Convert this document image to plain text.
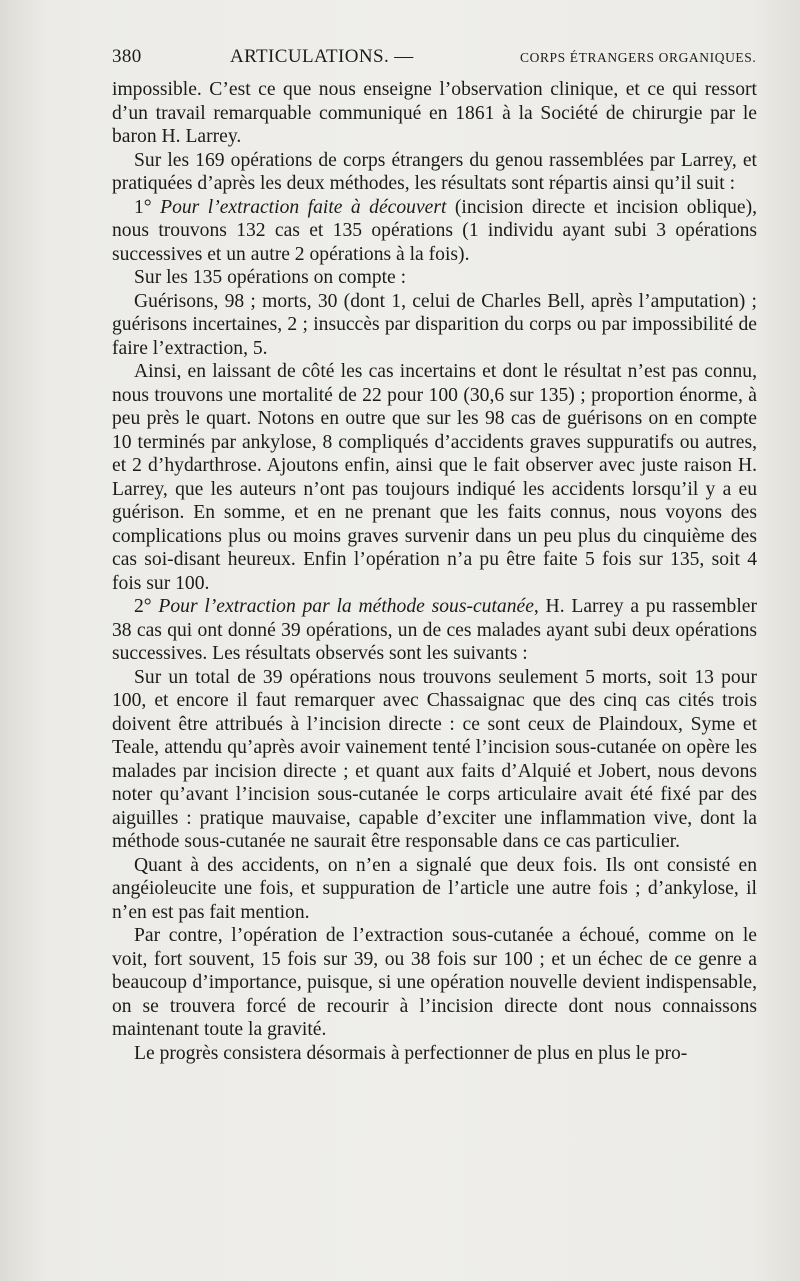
380	ARTICULATIONS. —	CORPS ÉTRANGERS ORGANIQUES.

impossible. C’est ce que nous enseigne l’observation clinique, et ce qui ressort d’un travail remarquable communiqué en 1861 à la Société de chirurgie par le baron H. Larrey.

Sur les 169 opérations de corps étrangers du genou rassemblées par Larrey, et pratiquées d’après les deux méthodes, les résultats sont répartis ainsi qu’il suit :

1° Pour l’extraction faite à découvert (incision directe et incision oblique), nous trouvons 132 cas et 135 opérations (1 individu ayant subi 3 opérations successives et un autre 2 opérations à la fois).

Sur les 135 opérations on compte :

Guérisons, 98 ; morts, 30 (dont 1, celui de Charles Bell, après l’amputation) ; guérisons incertaines, 2 ; insuccès par disparition du corps ou par impossibilité de faire l’extraction, 5.

Ainsi, en laissant de côté les cas incertains et dont le résultat n’est pas connu, nous trouvons une mortalité de 22 pour 100 (30,6 sur 135) ; proportion énorme, à peu près le quart. Notons en outre que sur les 98 cas de guérisons on en compte 10 terminés par ankylose, 8 compliqués d’accidents graves suppuratifs ou autres, et 2 d’hydarthrose. Ajoutons enfin, ainsi que le fait observer avec juste raison H. Larrey, que les auteurs n’ont pas toujours indiqué les accidents lorsqu’il y a eu guérison. En somme, et en ne prenant que les faits connus, nous voyons des complications plus ou moins graves survenir dans un peu plus du cinquième des cas soi-disant heureux. Enfin l’opération n’a pu être faite 5 fois sur 135, soit 4 fois sur 100.

2° Pour l’extraction par la méthode sous-cutanée, H. Larrey a pu rassembler 38 cas qui ont donné 39 opérations, un de ces malades ayant subi deux opérations successives. Les résultats observés sont les suivants :

Sur un total de 39 opérations nous trouvons seulement 5 morts, soit 13 pour 100, et encore il faut remarquer avec Chassaignac que des cinq cas cités trois doivent être attribués à l’incision directe : ce sont ceux de Plaindoux, Syme et Teale, attendu qu’après avoir vainement tenté l’incision sous-cutanée on opère les malades par incision directe ; et quant aux faits d’Alquié et Jobert, nous devons noter qu’avant l’incision sous-cutanée le corps articulaire avait été fixé par des aiguilles : pratique mauvaise, capable d’exciter une inflammation vive, dont la méthode sous-cutanée ne saurait être responsable dans ce cas particulier.

Quant à des accidents, on n’en a signalé que deux fois. Ils ont consisté en angéioleucite une fois, et suppuration de l’article une autre fois ; d’ankylose, il n’en est pas fait mention.

Par contre, l’opération de l’extraction sous-cutanée a échoué, comme on le voit, fort souvent, 15 fois sur 39, ou 38 fois sur 100 ; et un échec de ce genre a beaucoup d’importance, puisque, si une opération nouvelle devient indispensable, on se trouvera forcé de recourir à l’incision directe dont nous connaissons maintenant toute la gravité.

Le progrès consistera désormais à perfectionner de plus en plus le pro-
